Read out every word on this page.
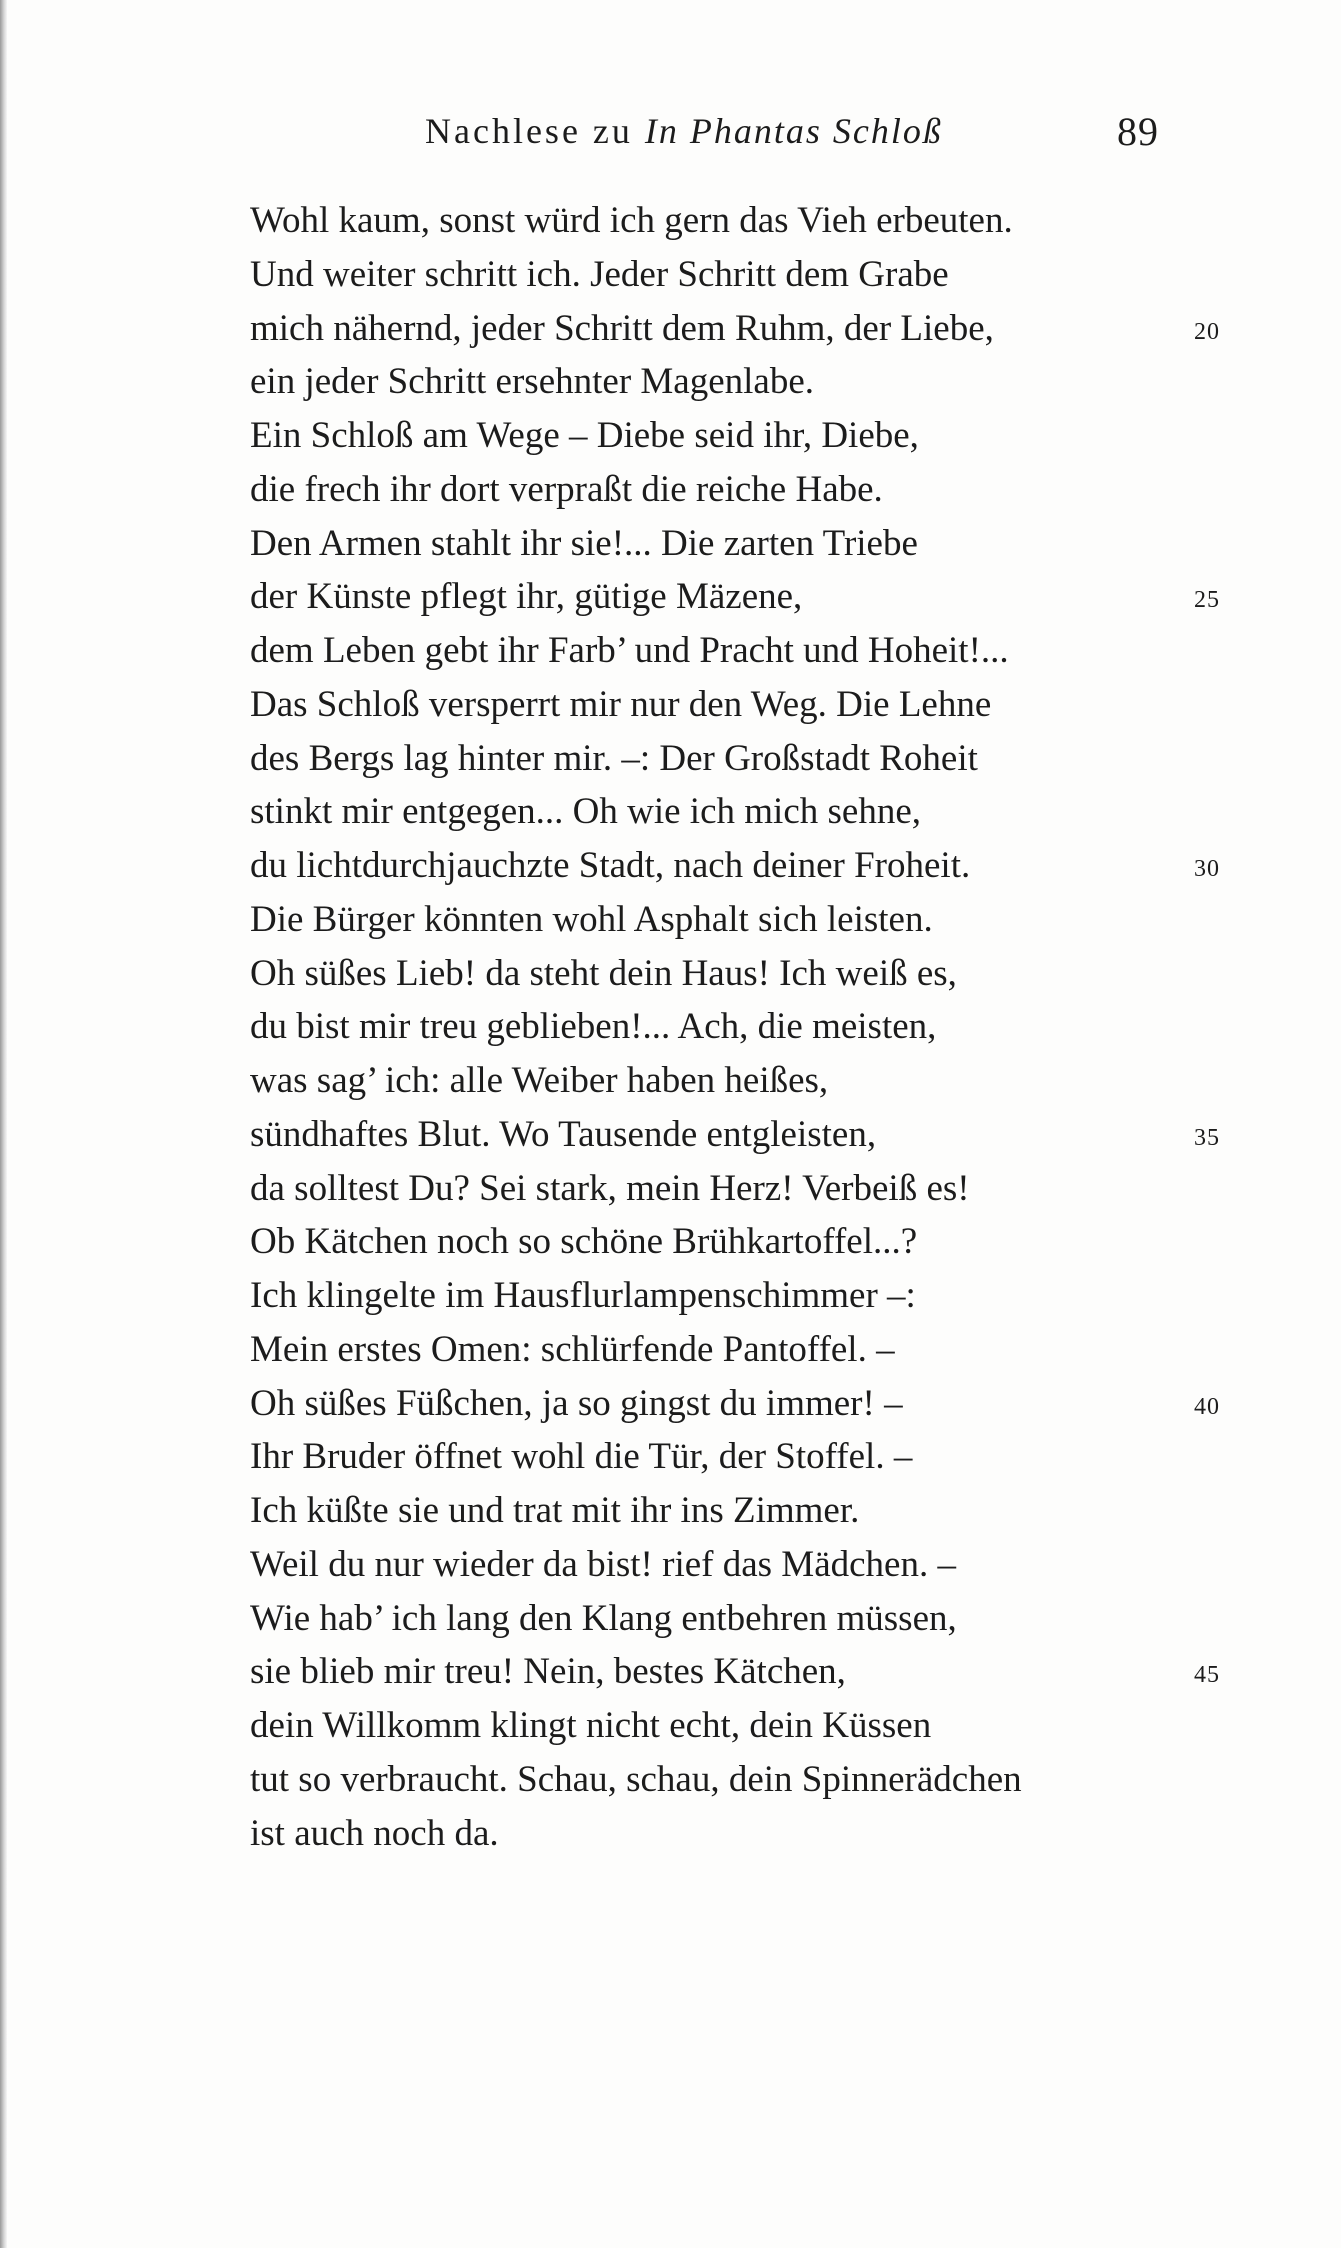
Nachlese zu In Phantas Schloß	89
Wohl kaum, sonst würd ich gern das Vieh erbeuten.
Und weiter schritt ich. Jeder Schritt dem Grabe
mich nähernd, jeder Schritt dem Ruhm, der Liebe,	20
ein jeder Schritt ersehnter Magenlabe.
Ein Schloß am Wege – Diebe seid ihr, Diebe,
die frech ihr dort verpraßt die reiche Habe.
Den Armen stahlt ihr sie!... Die zarten Triebe
der Künste pflegt ihr, gütige Mäzene,	25
dem Leben gebt ihr Farb’ und Pracht und Hoheit!...
Das Schloß versperrt mir nur den Weg. Die Lehne
des Bergs lag hinter mir. –: Der Großstadt Roheit
stinkt mir entgegen... Oh wie ich mich sehne,
du lichtdurchjauchzte Stadt, nach deiner Froheit.	30
Die Bürger könnten wohl Asphalt sich leisten.
Oh süßes Lieb! da steht dein Haus! Ich weiß es,
du bist mir treu geblieben!... Ach, die meisten,
was sag’ ich: alle Weiber haben heißes,
sündhaftes Blut. Wo Tausende entgleisten,	35
da solltest Du? Sei stark, mein Herz! Verbeiß es!
Ob Kätchen noch so schöne Brühkartoffel...?
Ich klingelte im Hausflurlampenschimmer –:
Mein erstes Omen: schlürfende Pantoffel. –
Oh süßes Füßchen, ja so gingst du immer! –	40
Ihr Bruder öffnet wohl die Tür, der Stoffel. –
Ich küßte sie und trat mit ihr ins Zimmer.
Weil du nur wieder da bist! rief das Mädchen. –
Wie hab’ ich lang den Klang entbehren müssen,
sie blieb mir treu! Nein, bestes Kätchen,	45
dein Willkomm klingt nicht echt, dein Küssen
tut so verbraucht. Schau, schau, dein Spinnerädchen
ist auch noch da.
